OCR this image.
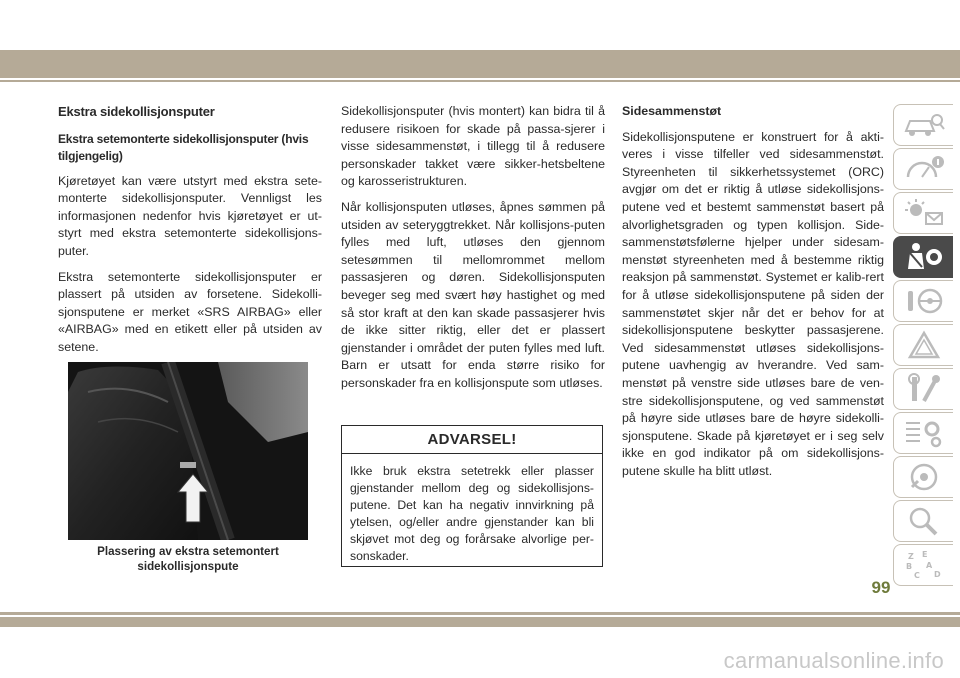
Ekstra sidekollisjonsputer
Ekstra setemonterte sidekollisjonsputer (hvis tilgjengelig)

Kjøretøyet kan være utstyrt med ekstra sete-monterte sidekollisjonsputer. Vennligst les informasjonen nedenfor hvis kjøretøyet er ut-styrt med ekstra setemonterte sidekollisjons-puter.

Ekstra setemonterte sidekollisjonsputer er plassert på utsiden av forsetene. Sidekolli-sjonsputene er merket «SRS AIRBAG» eller «AIRBAG» med en etikett eller på utsiden av setene.

Plassering av ekstra setemontert
sidekollisjonspute

Sidekollisjonsputer (hvis montert) kan bidra til å redusere risikoen for skade på passa-sjerer i visse sidesammenstøt, i tillegg til å redusere personskader takket være sikker-hetsbeltene og karosseristrukturen.

Når kollisjonsputen utløses, åpnes sømmen på utsiden av seteryggtrekket. Når kollisjons-puten fylles med luft, utløses den gjennom setesømmen til mellomrommet mellom passasjeren og døren. Sidekollisjonsputen beveger seg med svært høy hastighet og med så stor kraft at den kan skade passasjerer hvis de ikke sitter riktig, eller det er plassert gjenstander i området der puten fylles med luft. Barn er utsatt for enda større risiko for personskader fra en kollisjonspute som utløses.

ADVARSEL!
Ikke bruk ekstra setetrekk eller plasser gjenstander mellom deg og sidekollisjons-putene. Det kan ha negativ innvirkning på ytelsen, og/eller andre gjenstander kan bli skjøvet mot deg og forårsake alvorlige per-sonskader.
Sidesammenstøt

Sidekollisjonsputene er konstruert for å akti-veres i visse tilfeller ved sidesammenstøt. Styreenheten til sikkerhetssystemet (ORC) avgjør om det er riktig å utløse sidekollisjons-putene ved et bestemt sammenstøt basert på alvorlighetsgraden og typen kollisjon. Side-sammenstøtsfølerne hjelper under sidesam-menstøt styreenheten med å bestemme riktig reaksjon på sammenstøt. Systemet er kalib-rert for å utløse sidekollisjonsputene på siden der sammenstøtet skjer når det er behov for at sidekollisjonsputene beskytter passasjerene. Ved sidesammenstøt utløses sidekollisjons-putene uavhengig av hverandre. Ved sam-menstøt på venstre side utløses bare de ven-stre sidekollisjonsputene, og ved sammenstøt på høyre side utløses bare de høyre sidekolli-sjonsputene. Skade på kjøretøyet er i seg selv ikke en god indikator på om sidekollisjons-putene skulle ha blitt utløst.

Z E
B A
C D
99
carmanualsonline.info
